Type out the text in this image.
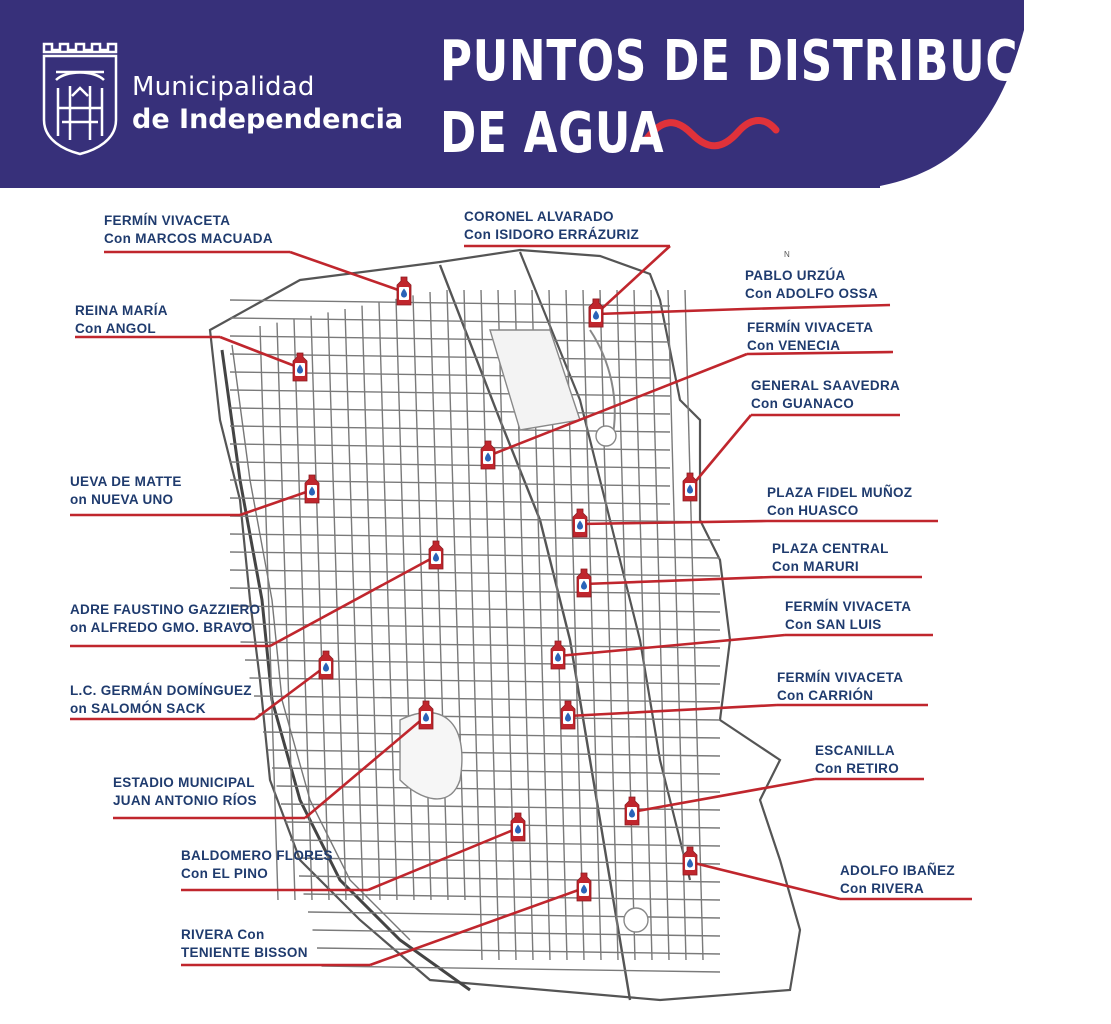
Municipalidad
de Independencia
PUNTOS DE DISTRIBUCIÓN
DE AGUA
N
FERMÍN VIVACETA
Con MARCOS MACUADA
CORONEL ALVARADO
Con ISIDORO ERRÁZURIZ
PABLO URZÚA
Con ADOLFO OSSA
REINA MARÍA
Con ANGOL	FERMÍN VIVACETA
Con VENECIA
GENERAL SAAVEDRA
Con GUANACO
UEVA DE MATTE
on NUEVA UNO	PLAZA FIDEL MUÑOZ
Con HUASCO
PLAZA CENTRAL
Con MARURI
ADRE FAUSTINO GAZZIERO
on ALFREDO GMO. BRAVO
FERMÍN VIVACETA
Con SAN LUIS
L.C. GERMÁN DOMÍNGUEZ
on SALOMÓN SACK
FERMÍN VIVACETA
Con CARRIÓN
ESTADIO MUNICIPAL
JUAN ANTONIO RÍOS
ESCANILLA
Con RETIRO
BALDOMERO FLORES
Con EL PINO	ADOLFO IBAÑEZ
Con RIVERA
RIVERA Con
TENIENTE BISSON
